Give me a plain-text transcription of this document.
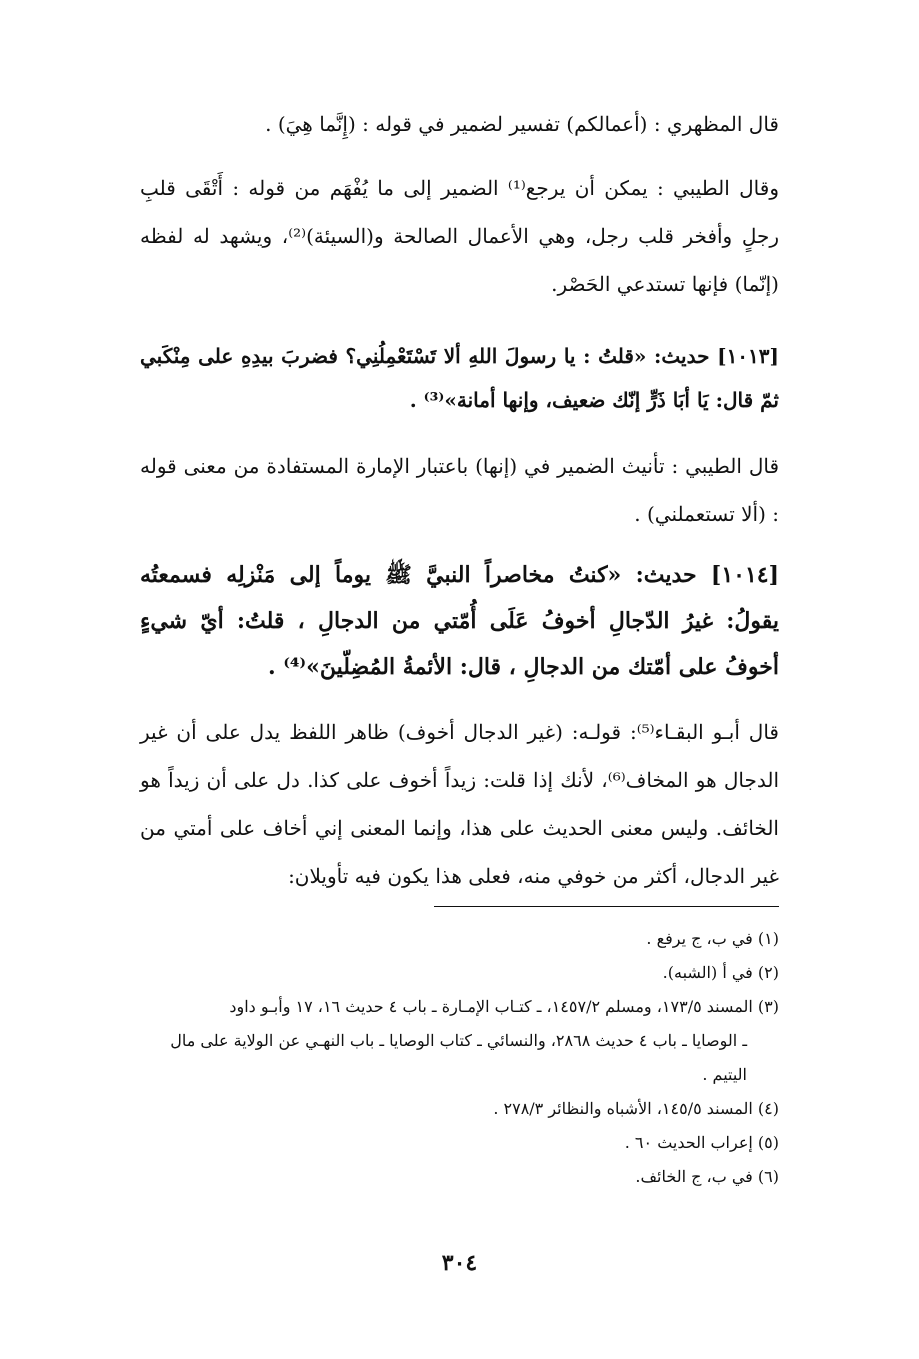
قال المظهري : (أعمالكم) تفسير لضمير في قوله : (إِنَّما هِيَ) .
وقال الطيبي : يمكن أن يرجع⁽¹⁾ الضمير إلى ما يُفْهَم من قوله : أَتْقَى قلبِ رجلٍ وأفخر قلب رجل، وهي الأعمال الصالحة و(السيئة)⁽²⁾، ويشهد له لفظه (إنّما) فإنها تستدعي الحَصْر.
[١٠١٣] حديث: «قلتُ : يا رسولَ اللهِ ألا تَسْتَعْمِلُنِي؟ فضربَ بيدِهِ على مِنْكَبي ثمّ قال: يَا أبَا ذَرٍّ إنّك ضعيف، وإنها أمانة»⁽³⁾ .
قال الطيبي : تأنيث الضمير في (إنها) باعتبار الإمارة المستفادة من معنى قوله : (ألا تستعملني) .
[١٠١٤] حديث: «كنتُ مخاصراً النبيَّ ﷺ يوماً إلى مَنْزلِه فسمعتُه يقولُ: غيرُ الدّجالِ أخوفُ عَلَى أُمّتي من الدجالِ ، قلتُ: أيّ شيءٍ أخوفُ على أمّتك من الدجالِ ، قال: الأئمةُ المُضِلّينَ»⁽⁴⁾ .
قال أبـو البقـاء⁽⁵⁾: قولـه: (غير الدجال أخوف) ظاهر اللفظ يدل على أن غير الدجال هو المخاف⁽⁶⁾، لأنك إذا قلت: زيداً أخوف على كذا. دل على أن زيداً هو الخائف. وليس معنى الحديث على هذا، وإنما المعنى إني أخاف على أمتي من غير الدجال، أكثر من خوفي منه، فعلى هذا يكون فيه تأويلان:
(١) في ب، ج يرفع .
(٢) في أ (الشبه).
(٣) المسند ١٧٣/٥، ومسلم ١٤٥٧/٢، ـ كتـاب الإمـارة ـ باب ٤ حديث ١٦، ١٧ وأبـو داود
ـ الوصايا ـ باب ٤ حديث ٢٨٦٨، والنسائي ـ كتاب الوصايا ـ باب النهـي عن الولاية على مال
اليتيم .
(٤) المسند ١٤٥/٥، الأشباه والنظائر ٢٧٨/٣ .
(٥) إعراب الحديث ٦٠ .
(٦) في ب، ج الخائف.
٣٠٤
